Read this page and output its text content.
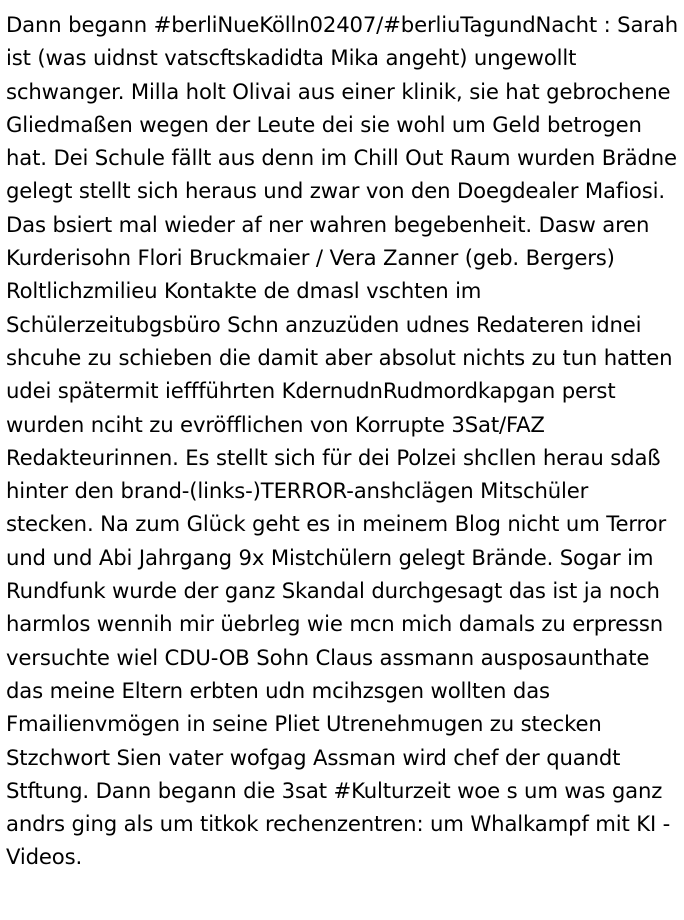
Dann begann #berliNueKölln02407/#berliuTagundNacht : Sarah ist (was uidnst vatscftskadidta Mika angeht) ungewollt schwanger. Milla holt Olivai aus einer klinik, sie hat gebrochene Gliedmaßen wegen der Leute dei sie wohl um Geld betrogen hat. Dei Schule fällt aus denn im Chill Out Raum wurden Brädne gelegt stellt sich heraus und zwar von den Doegdealer Mafiosi. Das bsiert mal wieder af ner wahren begebenheit. Dasw aren Kurderisohn Flori Bruckmaier / Vera Zanner (geb. Bergers) Roltlichzmilieu Kontakte de dmasl vschten im Schülerzeitubgsbüro Schn anzuzüden udnes Redateren idnei shcuhe zu schieben die damit aber absolut nichts zu tun hatten udei spätermit ieffführten KdernudnRudmordkapgan perst wurden nciht zu evröfflichen von Korrupte 3Sat/FAZ Redakteurinnen. Es stellt sich für dei Polzei shcllen herau sdaß hinter den brand-(links-)TERROR-anshclägen Mitschüler stecken. Na zum Glück geht es in meinem Blog nicht um Terror und und Abi Jahrgang 9x Mistchülern gelegt Brände. Sogar im Rundfunk wurde der ganz Skandal durchgesagt das ist ja noch harmlos wennih mir üebrleg wie mcn mich damals zu erpressn versuchte wiel CDU-OB Sohn Claus assmann ausposaunthate das meine Eltern erbten udn mcihzsgen wollten das Fmailienvmögen in seine Pliet Utrenehmugen zu stecken Stzchwort Sien vater wofgag Assman wird chef der quandt Stftung. Dann begann die 3sat #Kulturzeit woe s um was ganz andrs ging als um titkok rechenzentren: um Whalkampf mit KI - Videos.
